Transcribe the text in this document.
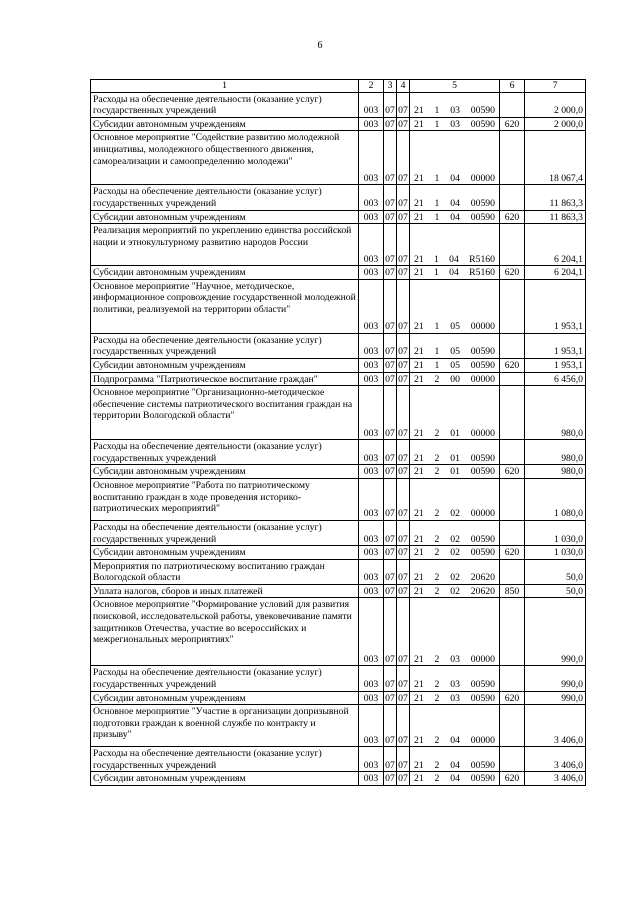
6
1	2	3	4	5	6	7
Расходы на обеспечение деятельности (оказание услуг) государственных учреждений	003	07	07	21 1 03 00590		2 000,0
Субсидии автономным учреждениям	003	07	07	21 1 03 00590	620	2 000,0
Основное мероприятие "Содействие развитию молодежной инициативы, молодежного общественного движения, самореализации и самоопределению молодежи"	003	07	07	21 1 04 00000		18 067,4
Расходы на обеспечение деятельности (оказание услуг) государственных учреждений	003	07	07	21 1 04 00590		11 863,3
Субсидии автономным учреждениям	003	07	07	21 1 04 00590	620	11 863,3
Реализация мероприятий по укреплению единства российской нации и этнокультурному развитию народов России	003	07	07	21 1 04 R5160		6 204,1
Субсидии автономным учреждениям	003	07	07	21 1 04 R5160	620	6 204,1
Основное мероприятие "Научное, методическое, информационное сопровождение государственной молодежной политики, реализуемой на территории области"	003	07	07	21 1 05 00000		1 953,1
Расходы на обеспечение деятельности (оказание услуг) государственных учреждений	003	07	07	21 1 05 00590		1 953,1
Субсидии автономным учреждениям	003	07	07	21 1 05 00590	620	1 953,1
Подпрограмма "Патриотическое воспитание граждан"	003	07	07	21 2 00 00000		6 456,0
Основное мероприятие "Организационно-методическое обеспечение системы патриотического воспитания граждан на территории Вологодской области"	003	07	07	21 2 01 00000		980,0
Расходы на обеспечение деятельности (оказание услуг) государственных учреждений	003	07	07	21 2 01 00590		980,0
Субсидии автономным учреждениям	003	07	07	21 2 01 00590	620	980,0
Основное мероприятие "Работа по патриотическому воспитанию граждан в ходе проведения историко-патриотических мероприятий"	003	07	07	21 2 02 00000		1 080,0
Расходы на обеспечение деятельности (оказание услуг) государственных учреждений	003	07	07	21 2 02 00590		1 030,0
Субсидии автономным учреждениям	003	07	07	21 2 02 00590	620	1 030,0
Мероприятия по патриотическому воспитанию граждан Вологодской области	003	07	07	21 2 02 20620		50,0
Уплата налогов, сборов и иных платежей	003	07	07	21 2 02 20620	850	50,0
Основное мероприятие "Формирование условий для развития поисковой, исследовательской работы, увековечивание памяти защитников Отечества, участие во всероссийских и межрегиональных мероприятиях"	003	07	07	21 2 03 00000		990,0
Расходы на обеспечение деятельности (оказание услуг) государственных учреждений	003	07	07	21 2 03 00590		990,0
Субсидии автономным учреждениям	003	07	07	21 2 03 00590	620	990,0
Основное мероприятие "Участие в организации допризывной подготовки граждан к военной службе по контракту и призыву"	003	07	07	21 2 04 00000		3 406,0
Расходы на обеспечение деятельности (оказание услуг) государственных учреждений	003	07	07	21 2 04 00590		3 406,0
Субсидии автономным учреждениям	003	07	07	21 2 04 00590	620	3 406,0
